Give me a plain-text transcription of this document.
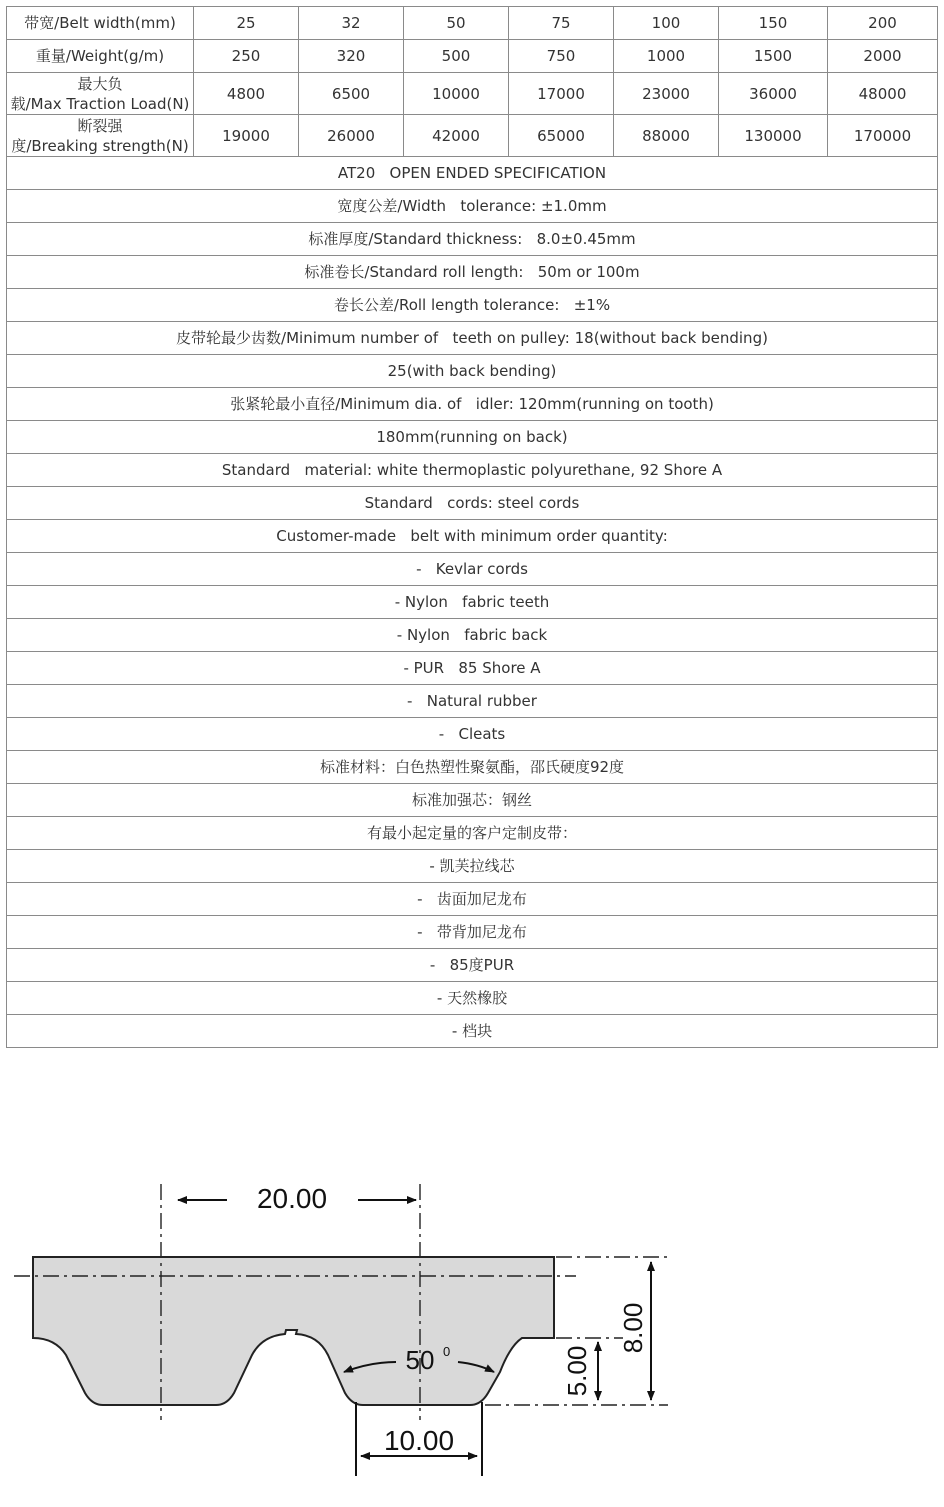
带宽/Belt width(mm)	25	32	50	75	100	150	200
重量/Weight(g/m)	250	320	500	750	1000	1500	2000

最大负
载/Max Traction Load(N)	4800	6500	10000	17000	23000	36000	48000

断裂强
度/Breaking strength(N)	19000	26000	42000	65000	88000	130000	170000
AT20   OPEN ENDED SPECIFICATION							
宽度公差/Width   tolerance: ±1.0mm							
标准厚度/Standard thickness:   8.0±0.45mm							
标准卷长/Standard roll length:   50m or 100m							
卷长公差/Roll length tolerance:   ±1%							
皮带轮最少齿数/Minimum number of   teeth on pulley: 18(without back bending)							
25(with back bending)							
张紧轮最小直径/Minimum dia. of   idler: 120mm(running on tooth)							
180mm(running on back)							
Standard   material: white thermoplastic polyurethane, 92 Shore A							
Standard   cords: steel cords							
Customer-made   belt with minimum order quantity:							
-   Kevlar cords							
- Nylon   fabric teeth							
- Nylon   fabric back							
- PUR   85 Shore A							
-   Natural rubber							
-   Cleats							
标准材料：白色热塑性聚氨酯，邵氏硬度92度							
标准加强芯：钢丝							
有最小起定量的客户定制皮带：							
- 凯芙拉线芯							
-   齿面加尼龙布							
-   带背加尼龙布							
-   85度PUR							
- 天然橡胶							
- 档块							
20.00
8.00
5.00
50 0
10.00
